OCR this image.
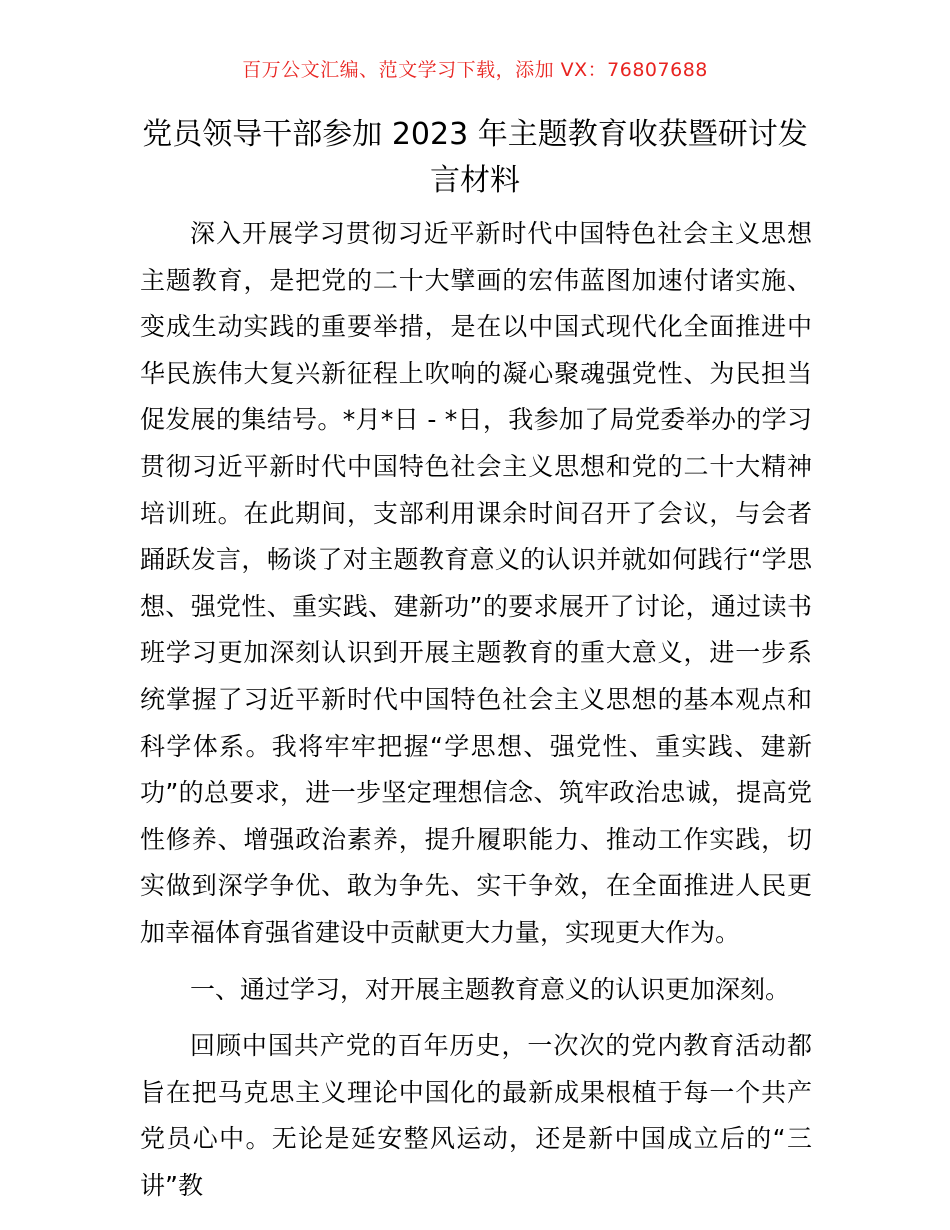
百万公文汇编、范文学习下载，添加 VX：76807688
党员领导干部参加 2023 年主题教育收获暨研讨发言材料

深入开展学习贯彻习近平新时代中国特色社会主义思想主题教育，是把党的二十大擘画的宏伟蓝图加速付诸实施、变成生动实践的重要举措，是在以中国式现代化全面推进中华民族伟大复兴新征程上吹响的凝心聚魂强党性、为民担当促发展的集结号。*月*日 - *日，我参加了局党委举办的学习贯彻习近平新时代中国特色社会主义思想和党的二十大精神培训班。在此期间，支部利用课余时间召开了会议，与会者踊跃发言，畅谈了对主题教育意义的认识并就如何践行“学思想、强党性、重实践、建新功”的要求展开了讨论，通过读书班学习更加深刻认识到开展主题教育的重大意义，进一步系统掌握了习近平新时代中国特色社会主义思想的基本观点和科学体系。我将牢牢把握“学思想、强党性、重实践、建新功”的总要求，进一步坚定理想信念、筑牢政治忠诚，提高党性修养、增强政治素养，提升履职能力、推动工作实践，切实做到深学争优、敢为争先、实干争效，在全面推进人民更加幸福体育强省建设中贡献更大力量，实现更大作为。

一、通过学习，对开展主题教育意义的认识更加深刻。

回顾中国共产党的百年历史，一次次的党内教育活动都旨在把马克思主义理论中国化的最新成果根植于每一个共产党员心中。无论是延安整风运动，还是新中国成立后的“三讲”教
